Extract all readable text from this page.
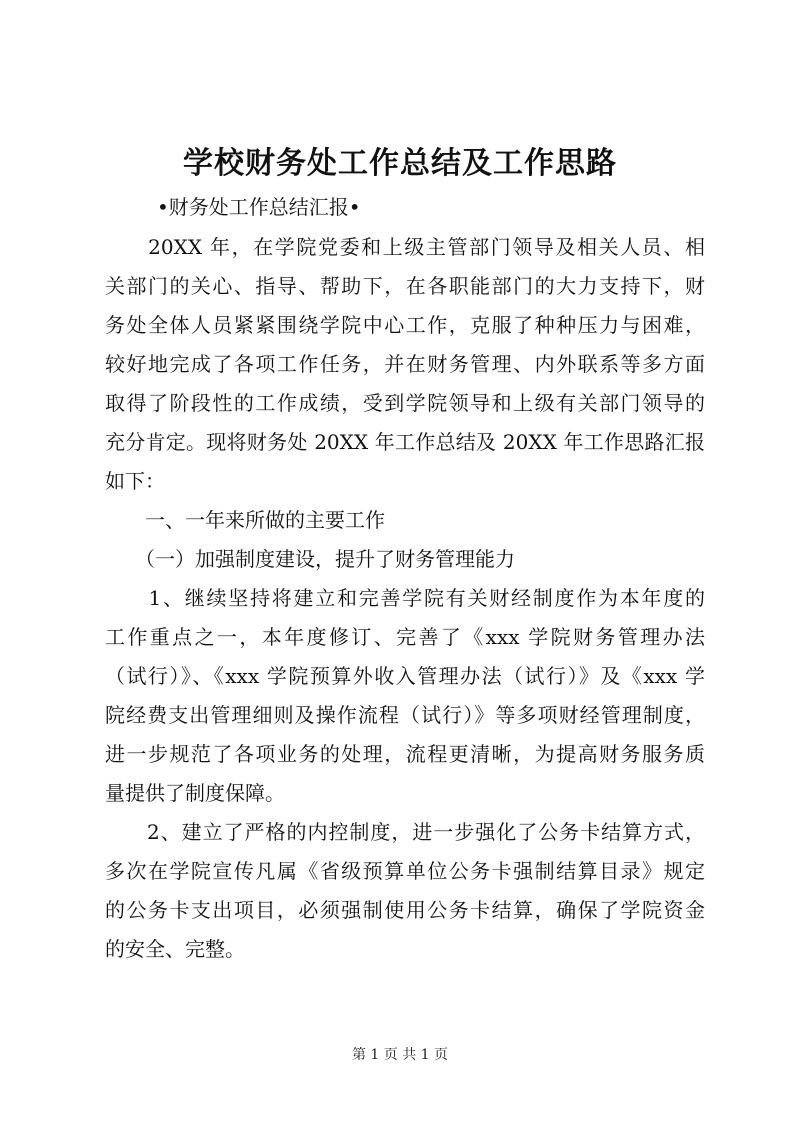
学校财务处工作总结及工作思路
•财务处工作总结汇报•
　　20XX 年，在学院党委和上级主管部门领导及相关人员、相
关部门的关心、指导、帮助下，在各职能部门的大力支持下，财
务处全体人员紧紧围绕学院中心工作，克服了种种压力与困难，
较好地完成了各项工作任务，并在财务管理、内外联系等多方面
取得了阶段性的工作成绩，受到学院领导和上级有关部门领导的
充分肯定。现将财务处 20XX 年工作总结及 20XX 年工作思路汇报
如下：
　　一、一年来所做的主要工作
　　（一）加强制度建设，提升了财务管理能力
　　1、继续坚持将建立和完善学院有关财经制度作为本年度的
工作重点之一，本年度修订、完善了《xxx 学院财务管理办法
（试行）》、《xxx 学院预算外收入管理办法（试行）》及《xxx 学
院经费支出管理细则及操作流程（试行）》等多项财经管理制度，
进一步规范了各项业务的处理，流程更清晰，为提高财务服务质
量提供了制度保障。
　　2、建立了严格的内控制度，进一步强化了公务卡结算方式，
多次在学院宣传凡属《省级预算单位公务卡强制结算目录》规定
的公务卡支出项目，必须强制使用公务卡结算，确保了学院资金
的安全、完整。
第 1 页 共 1 页
